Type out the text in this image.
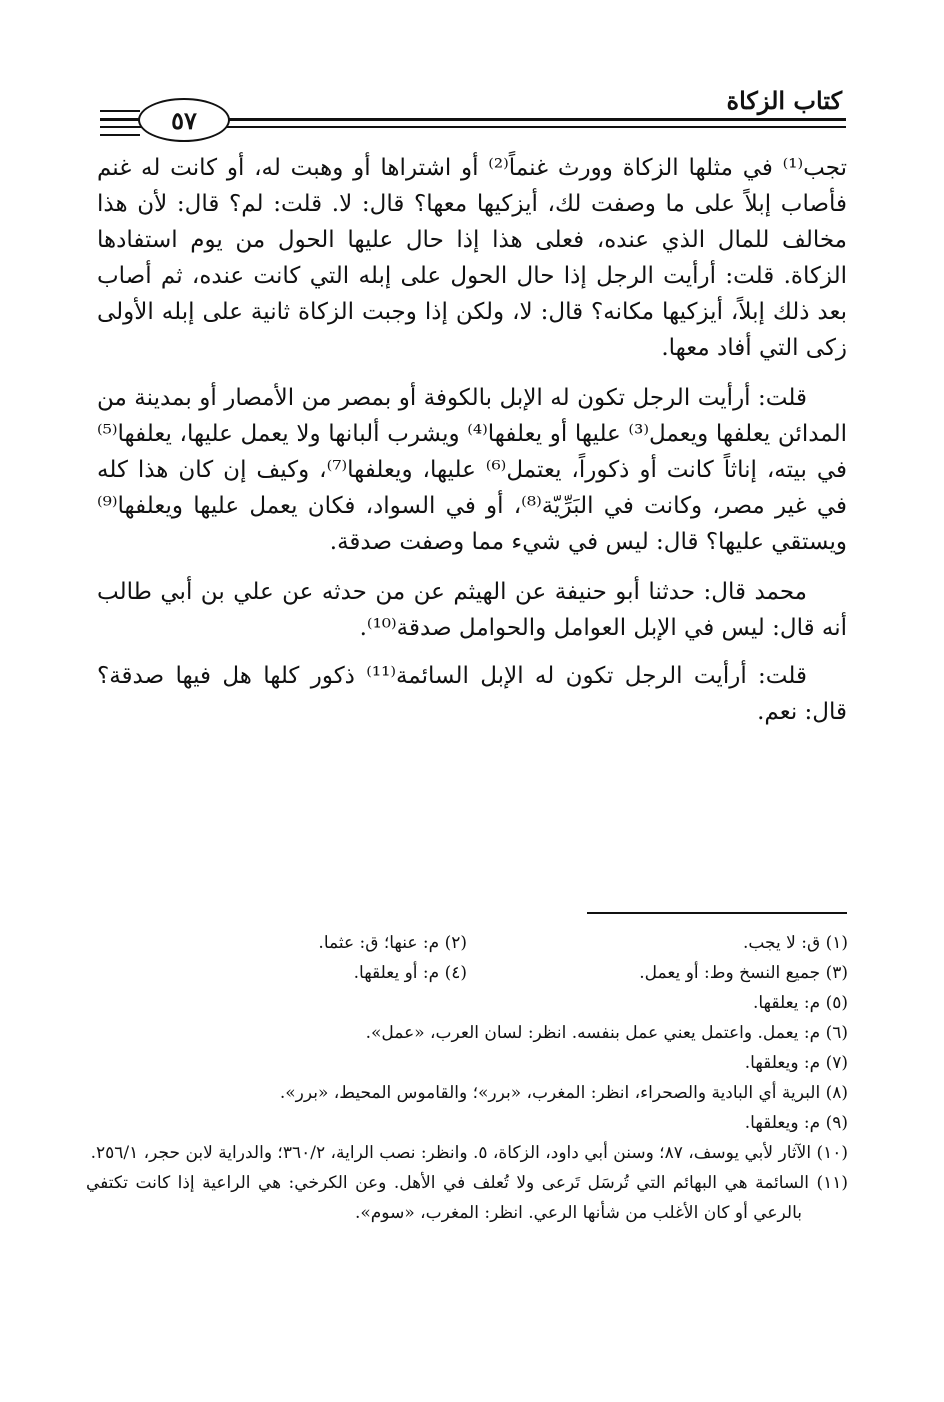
كتاب الزكاة
٥٧

تجب⁽¹⁾ في مثلها الزكاة وورث غنماً⁽²⁾ أو اشتراها أو وهبت له، أو كانت له غنم فأصاب إبلاً على ما وصفت لك، أيزكيها معها؟ قال: لا. قلت: لم؟ قال: لأن هذا مخالف للمال الذي عنده، فعلى هذا إذا حال عليها الحول من يوم استفادها الزكاة. قلت: أرأيت الرجل إذا حال الحول على إبله التي كانت عنده، ثم أصاب بعد ذلك إبلاً، أيزكيها مكانه؟ قال: لا، ولكن إذا وجبت الزكاة ثانية على إبله الأولى زكى التي أفاد معها.

قلت: أرأيت الرجل تكون له الإبل بالكوفة أو بمصر من الأمصار أو بمدينة من المدائن يعلفها ويعمل⁽³⁾ عليها أو يعلفها⁽⁴⁾ ويشرب ألبانها ولا يعمل عليها، يعلفها⁽⁵⁾ في بيته، إناثاً كانت أو ذكوراً، يعتمل⁽⁶⁾ عليها، ويعلفها⁽⁷⁾، وكيف إن كان هذا كله في غير مصر، وكانت في البَرِّيّة⁽⁸⁾، أو في السواد، فكان يعمل عليها ويعلفها⁽⁹⁾ ويستقي عليها؟ قال: ليس في شيء مما وصفت صدقة.

محمد قال: حدثنا أبو حنيفة عن الهيثم عن من حدثه عن علي بن أبي طالب أنه قال: ليس في الإبل العوامل والحوامل صدقة⁽¹⁰⁾.

قلت: أرأيت الرجل تكون له الإبل السائمة⁽¹¹⁾ ذكور كلها هل فيها صدقة؟ قال: نعم.

(١) ق: لا يجب.
(٢) م: عنها؛ ق: عثما.
(٣) جميع النسخ وط: أو يعمل.
(٤) م: أو يعلقها.

(٥) م: يعلقها.

(٦) م: يعمل. واعتمل يعني عمل بنفسه. انظر: لسان العرب، «عمل».

(٧) م: ويعلقها.

(٨) البرية أي البادية والصحراء، انظر: المغرب، «برر»؛ والقاموس المحيط، «برر».

(٩) م: ويعلقها.

(١٠) الآثار لأبي يوسف، ٨٧؛ وسنن أبي داود، الزكاة، ٥. وانظر: نصب الراية، ٣٦٠/٢؛ والدراية لابن حجر، ٢٥٦/١.

(١١) السائمة هي البهائم التي تُرسَل تَرعى ولا تُعلف في الأهل. وعن الكرخي: هي الراعية إذا كانت تكتفي بالرعي أو كان الأغلب من شأنها الرعي. انظر: المغرب، «سوم».
